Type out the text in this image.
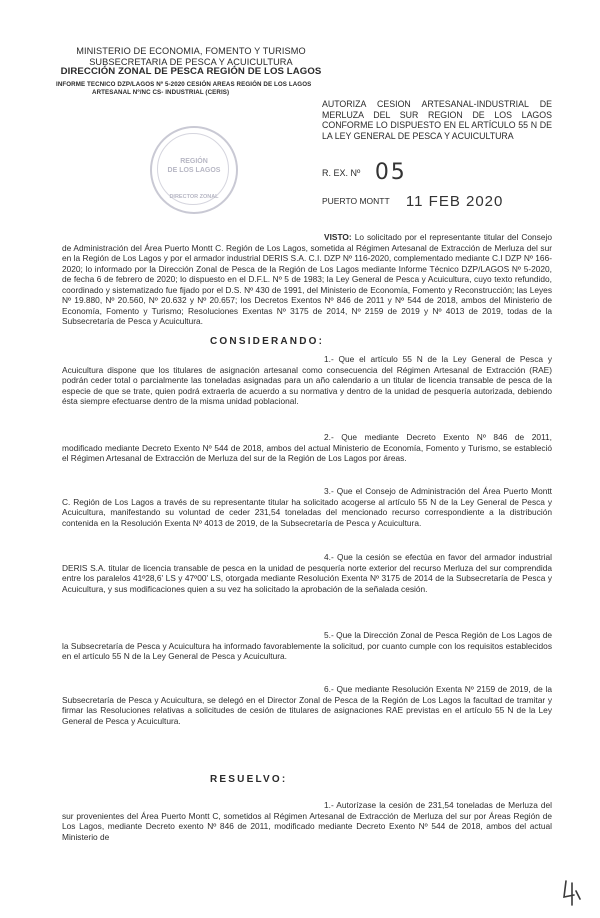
MINISTERIO DE ECONOMIA, FOMENTO Y TURISMO
SUBSECRETARIA DE PESCA Y ACUICULTURA
DIRECCIÓN ZONAL DE PESCA REGIÓN DE LOS LAGOS
INFORME TECNICO DZP/LAGOS Nº 5-2020 CESIÓN AREAS REGIÓN DE LOS LAGOS
ARTESANAL Nº/NC CS- INDUSTRIAL (CERIS)
REGIÓN
DE LOS LAGOS
DIRECTOR ZONAL
AUTORIZA CESION ARTESANAL-INDUSTRIAL DE MERLUZA DEL SUR REGION DE LOS LAGOS CONFORME LO DISPUESTO EN EL ARTÍCULO 55 N DE LA LEY GENERAL DE PESCA Y ACUICULTURA
R. EX. Nº 05
PUERTO MONTT 11 FEB 2020

VISTO: Lo solicitado por el representante titular del Consejo de Administración del Área Puerto Montt C. Región de Los Lagos, sometida al Régimen Artesanal de Extracción de Merluza del sur en la Región de Los Lagos y por el armador industrial DERIS S.A. C.I. DZP Nº 116-2020, complementado mediante C.I DZP Nº 166-2020; lo informado por la Dirección Zonal de Pesca de la Región de Los Lagos mediante Informe Técnico DZP/LAGOS Nº 5-2020, de fecha 6 de febrero de 2020; lo dispuesto en el D.F.L. Nº 5 de 1983; la Ley General de Pesca y Acuicultura, cuyo texto refundido, coordinado y sistematizado fue fijado por el D.S. Nº 430 de 1991, del Ministerio de Economía, Fomento y Reconstrucción; las Leyes Nº 19.880, Nº 20.560, Nº 20.632 y Nº 20.657; los Decretos Exentos Nº 846 de 2011 y Nº 544 de 2018, ambos del Ministerio de Economía, Fomento y Turismo; Resoluciones Exentas Nº 3175 de 2014, Nº 2159 de 2019 y Nº 4013 de 2019, todas de la Subsecretaría de Pesca y Acuicultura.

CONSIDERANDO:

1.- Que el artículo 55 N de la Ley General de Pesca y Acuicultura dispone que los titulares de asignación artesanal como consecuencia del Régimen Artesanal de Extracción (RAE) podrán ceder total o parcialmente las toneladas asignadas para un año calendario a un titular de licencia transable de pesca de la especie de que se trate, quien podrá extraerla de acuerdo a su normativa y dentro de la unidad de pesquería autorizada, debiendo ésta siempre efectuarse dentro de la misma unidad poblacional.

2.- Que mediante Decreto Exento Nº 846 de 2011, modificado mediante Decreto Exento Nº 544 de 2018, ambos del actual Ministerio de Economía, Fomento y Turismo, se estableció el Régimen Artesanal de Extracción de Merluza del sur de la Región de Los Lagos por áreas.

3.- Que el Consejo de Administración del Área Puerto Montt C. Región de Los Lagos a través de su representante titular ha solicitado acogerse al artículo 55 N de la Ley General de Pesca y Acuicultura, manifestando su voluntad de ceder 231,54 toneladas del mencionado recurso correspondiente a la distribución contenida en la Resolución Exenta Nº 4013 de 2019, de la Subsecretaría de Pesca y Acuicultura.

4.- Que la cesión se efectúa en favor del armador industrial DERIS S.A. titular de licencia transable de pesca en la unidad de pesquería norte exterior del recurso Merluza del sur comprendida entre los paralelos 41º28,6' LS y 47º00' LS, otorgada mediante Resolución Exenta Nº 3175 de 2014 de la Subsecretaría de Pesca y Acuicultura, y sus modificaciones quien a su vez ha solicitado la aprobación de la señalada cesión.

5.- Que la Dirección Zonal de Pesca Región de Los Lagos de la Subsecretaría de Pesca y Acuicultura ha informado favorablemente la solicitud, por cuanto cumple con los requisitos establecidos en el artículo 55 N de la Ley General de Pesca y Acuicultura.

6.- Que mediante Resolución Exenta Nº 2159 de 2019, de la Subsecretaría de Pesca y Acuicultura, se delegó en el Director Zonal de Pesca de la Región de Los Lagos la facultad de tramitar y firmar las Resoluciones relativas a solicitudes de cesión de titulares de asignaciones RAE previstas en el artículo 55 N de la Ley General de Pesca y Acuicultura.

RESUELVO:

1.- Autorízase la cesión de 231,54 toneladas de Merluza del sur provenientes del Área Puerto Montt C, sometidos al Régimen Artesanal de Extracción de Merluza del sur por Áreas Región de Los Lagos, mediante Decreto exento Nº 846 de 2011, modificado mediante Decreto Exento Nº 544 de 2018, ambos del actual Ministerio de
